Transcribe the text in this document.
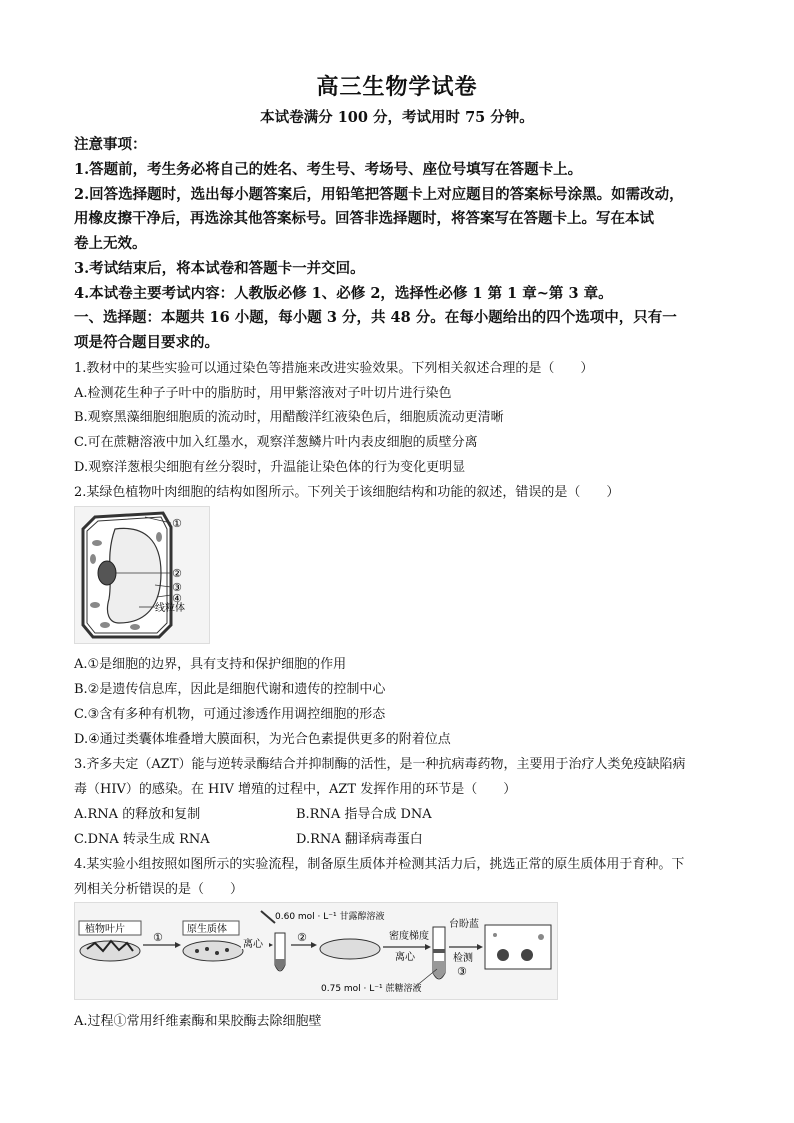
高三生物学试卷
本试卷满分 100 分，考试用时 75 分钟。
注意事项：
1.答题前，考生务必将自己的姓名、考生号、考场号、座位号填写在答题卡上。
2.回答选择题时，选出每小题答案后，用铅笔把答题卡上对应题目的答案标号涂黑。如需改动，
用橡皮擦干净后，再选涂其他答案标号。回答非选择题时，将答案写在答题卡上。写在本试
卷上无效。
3.考试结束后，将本试卷和答题卡一并交回。
4.本试卷主要考试内容：人教版必修 1、必修 2，选择性必修 1 第 1 章~第 3 章。
一、选择题：本题共 16 小题，每小题 3 分，共 48 分。在每小题给出的四个选项中，只有一
项是符合题目要求的。
1.教材中的某些实验可以通过染色等措施来改进实验效果。下列相关叙述合理的是（　　）
A.检测花生种子子叶中的脂肪时，用甲紫溶液对子叶切片进行染色
B.观察黑藻细胞细胞质的流动时，用醋酸洋红液染色后，细胞质流动更清晰
C.可在蔗糖溶液中加入红墨水，观察洋葱鳞片叶内表皮细胞的质壁分离
D.观察洋葱根尖细胞有丝分裂时，升温能让染色体的行为变化更明显
2.某绿色植物叶肉细胞的结构如图所示。下列关于该细胞结构和功能的叙述，错误的是（　　）
①
②
③
④
线粒体
A.①是细胞的边界，具有支持和保护细胞的作用
B.②是遗传信息库，因此是细胞代谢和遗传的控制中心
C.③含有多种有机物，可通过渗透作用调控细胞的形态
D.④通过类囊体堆叠增大膜面积，为光合色素提供更多的附着位点
3.齐多夫定（AZT）能与逆转录酶结合并抑制酶的活性，是一种抗病毒药物，主要用于治疗人类免疫缺陷病
毒（HIV）的感染。在 HIV 增殖的过程中，AZT 发挥作用的环节是（　　）
A.RNA 的释放和复制	B.RNA 指导合成 DNA
C.DNA 转录生成 RNA	D.RNA 翻译病毒蛋白
4.某实验小组按照如图所示的实验流程，制备原生质体并检测其活力后，挑选正常的原生质体用于育种。下
列相关分析错误的是（　　）
植物叶片
①
原生质体
离心
②
0.60 mol · L⁻¹ 甘露醇溶液
密度梯度
离心
台盼蓝
检测
③
0.75 mol · L⁻¹ 蔗糖溶液
A.过程①常用纤维素酶和果胶酶去除细胞壁
